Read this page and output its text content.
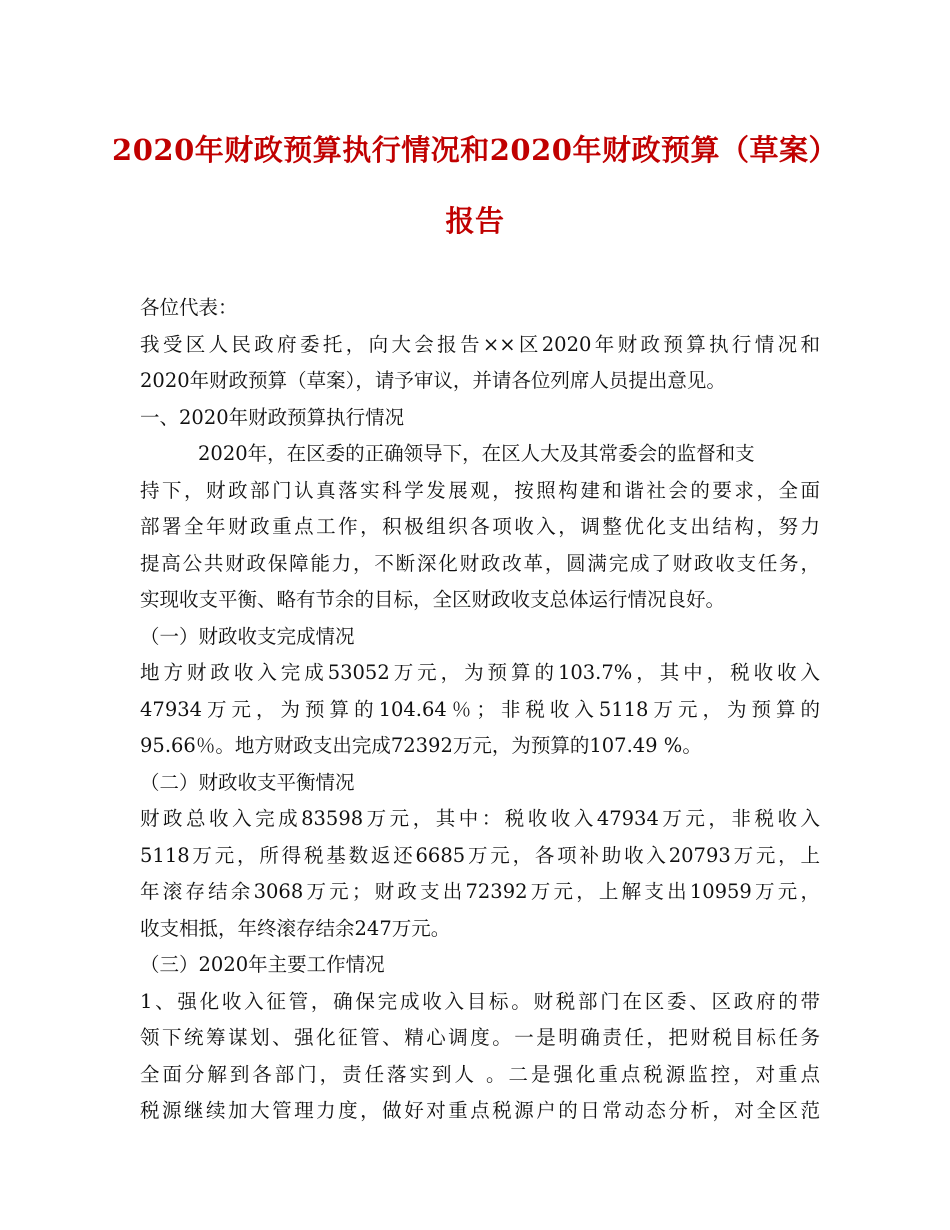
2020年财政预算执行情况和2020年财政预算（草案）
报告
各位代表：
我受区人民政府委托，向大会报告××区2020年财政预算执行情况和
2020年财政预算（草案），请予审议，并请各位列席人员提出意见。
一、2020年财政预算执行情况
2020年，在区委的正确领导下，在区人大及其常委会的监督和支
持下，财政部门认真落实科学发展观，按照构建和谐社会的要求，全面
部署全年财政重点工作，积极组织各项收入，调整优化支出结构，努力
提高公共财政保障能力，不断深化财政改革，圆满完成了财政收支任务，
实现收支平衡、略有节余的目标，全区财政收支总体运行情况良好。
（一）财政收支完成情况
地方财政收入完成53052万元，为预算的103.7%，其中，税收收入
47934万元，为预算的104.64％；非税收入5118万元，为预算的
95.66％。地方财政支出完成72392万元，为预算的107.49 %。
（二）财政收支平衡情况
财政总收入完成83598万元，其中：税收收入47934万元，非税收入
5118万元，所得税基数返还6685万元，各项补助收入20793万元，上
年滚存结余3068万元；财政支出72392万元，上解支出10959万元，
收支相抵，年终滚存结余247万元。
（三）2020年主要工作情况
1、强化收入征管，确保完成收入目标。财税部门在区委、区政府的带
领下统筹谋划、强化征管、精心调度。一是明确责任，把财税目标任务
全面分解到各部门，责任落实到人 。二是强化重点税源监控，对重点
税源继续加大管理力度，做好对重点税源户的日常动态分析，对全区范
